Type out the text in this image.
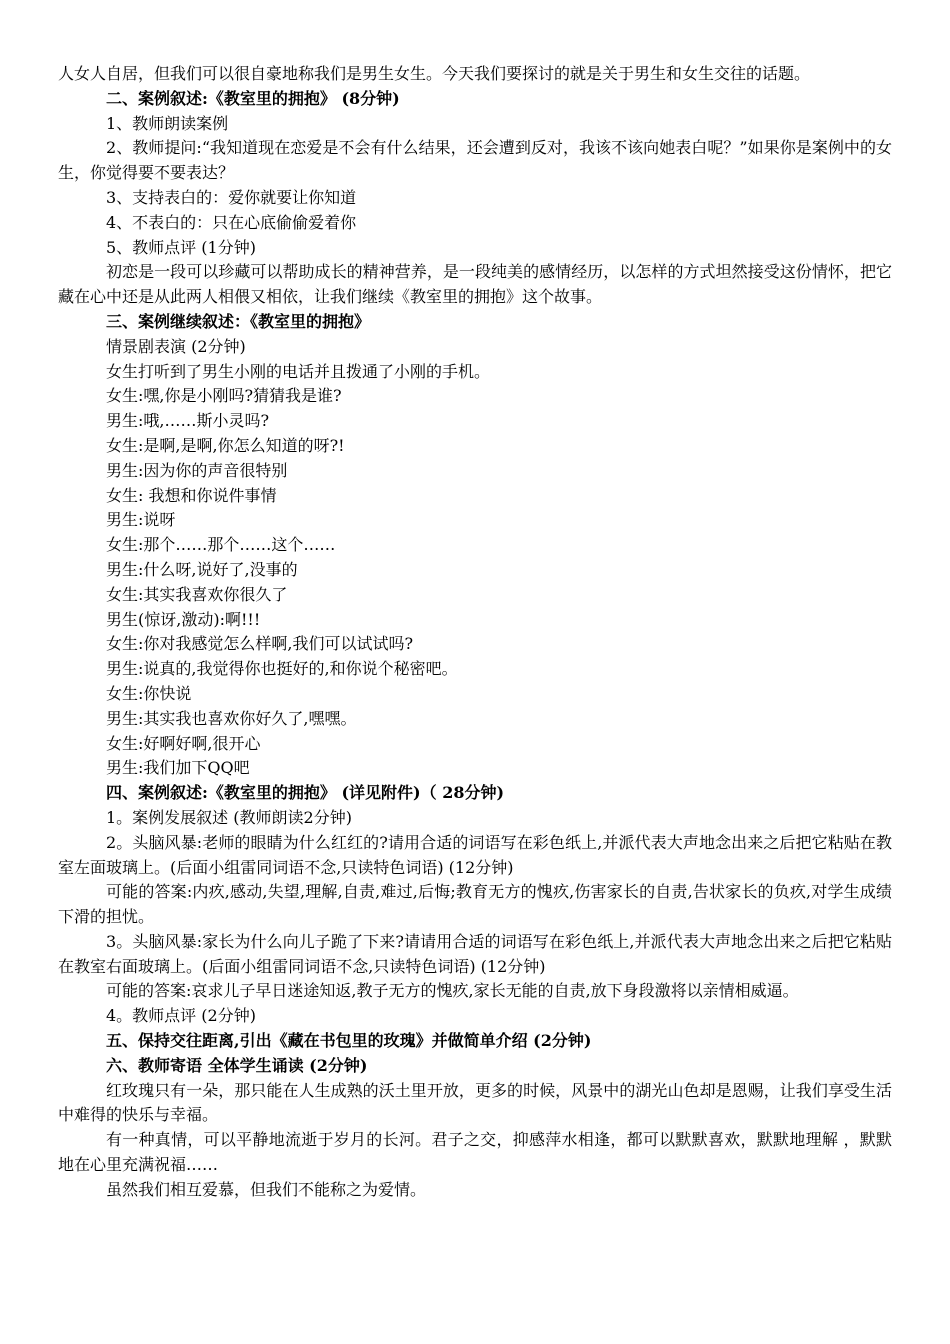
人女人自居，但我们可以很自豪地称我们是男生女生。今天我们要探讨的就是关于男生和女生交往的话题。

二、案例叙述:《教室里的拥抱》 (8分钟)

1、教师朗读案例

2、教师提问:“我知道现在恋爱是不会有什么结果，还会遭到反对，我该不该向她表白呢？”如果你是案例中的女生，你觉得要不要表达？

3、支持表白的：爱你就要让你知道

4、不表白的：只在心底偷偷爱着你

5、教师点评 (1分钟)

初恋是一段可以珍藏可以帮助成长的精神营养，是一段纯美的感情经历，以怎样的方式坦然接受这份情怀，把它藏在心中还是从此两人相偎又相依，让我们继续《教室里的拥抱》这个故事。

三、案例继续叙述：《教室里的拥抱》

情景剧表演 (2分钟)

女生打听到了男生小刚的电话并且拨通了小刚的手机。

女生:嘿,你是小刚吗?猜猜我是谁?

男生:哦,……斯小灵吗?

女生:是啊,是啊,你怎么知道的呀?!

男生:因为你的声音很特别

女生: 我想和你说件事情

男生:说呀

女生:那个……那个……这个……

男生:什么呀,说好了,没事的

女生:其实我喜欢你很久了

男生(惊讶,激动):啊!!!

女生:你对我感觉怎么样啊,我们可以试试吗?

男生:说真的,我觉得你也挺好的,和你说个秘密吧。

女生:你快说

男生:其实我也喜欢你好久了,嘿嘿。

女生:好啊好啊,很开心

男生:我们加下QQ吧

四、案例叙述:《教室里的拥抱》 (详见附件)（ 28分钟)

1。案例发展叙述 (教师朗读2分钟)

2。头脑风暴:老师的眼睛为什么红红的?请用合适的词语写在彩色纸上,并派代表大声地念出来之后把它粘贴在教室左面玻璃上。(后面小组雷同词语不念,只读特色词语) (12分钟)

可能的答案:内疚,感动,失望,理解,自责,难过,后悔;教育无方的愧疚,伤害家长的自责,告状家长的负疚,对学生成绩下滑的担忧。

3。头脑风暴:家长为什么向儿子跪了下来?请请用合适的词语写在彩色纸上,并派代表大声地念出来之后把它粘贴在教室右面玻璃上。(后面小组雷同词语不念,只读特色词语) (12分钟)

可能的答案:哀求儿子早日迷途知返,教子无方的愧疚,家长无能的自责,放下身段激将以亲情相威逼。

4。教师点评 (2分钟)

五、保持交往距离,引出《藏在书包里的玫瑰》并做简单介绍 (2分钟)

六、教师寄语 全体学生诵读 (2分钟)

红玫瑰只有一朵，那只能在人生成熟的沃土里开放，更多的时候，风景中的湖光山色却是恩赐，让我们享受生活中难得的快乐与幸福。

有一种真情，可以平静地流逝于岁月的长河。君子之交，抑感萍水相逢，都可以默默喜欢，默默地理解 ，默默地在心里充满祝福……

虽然我们相互爱慕，但我们不能称之为爱情。
